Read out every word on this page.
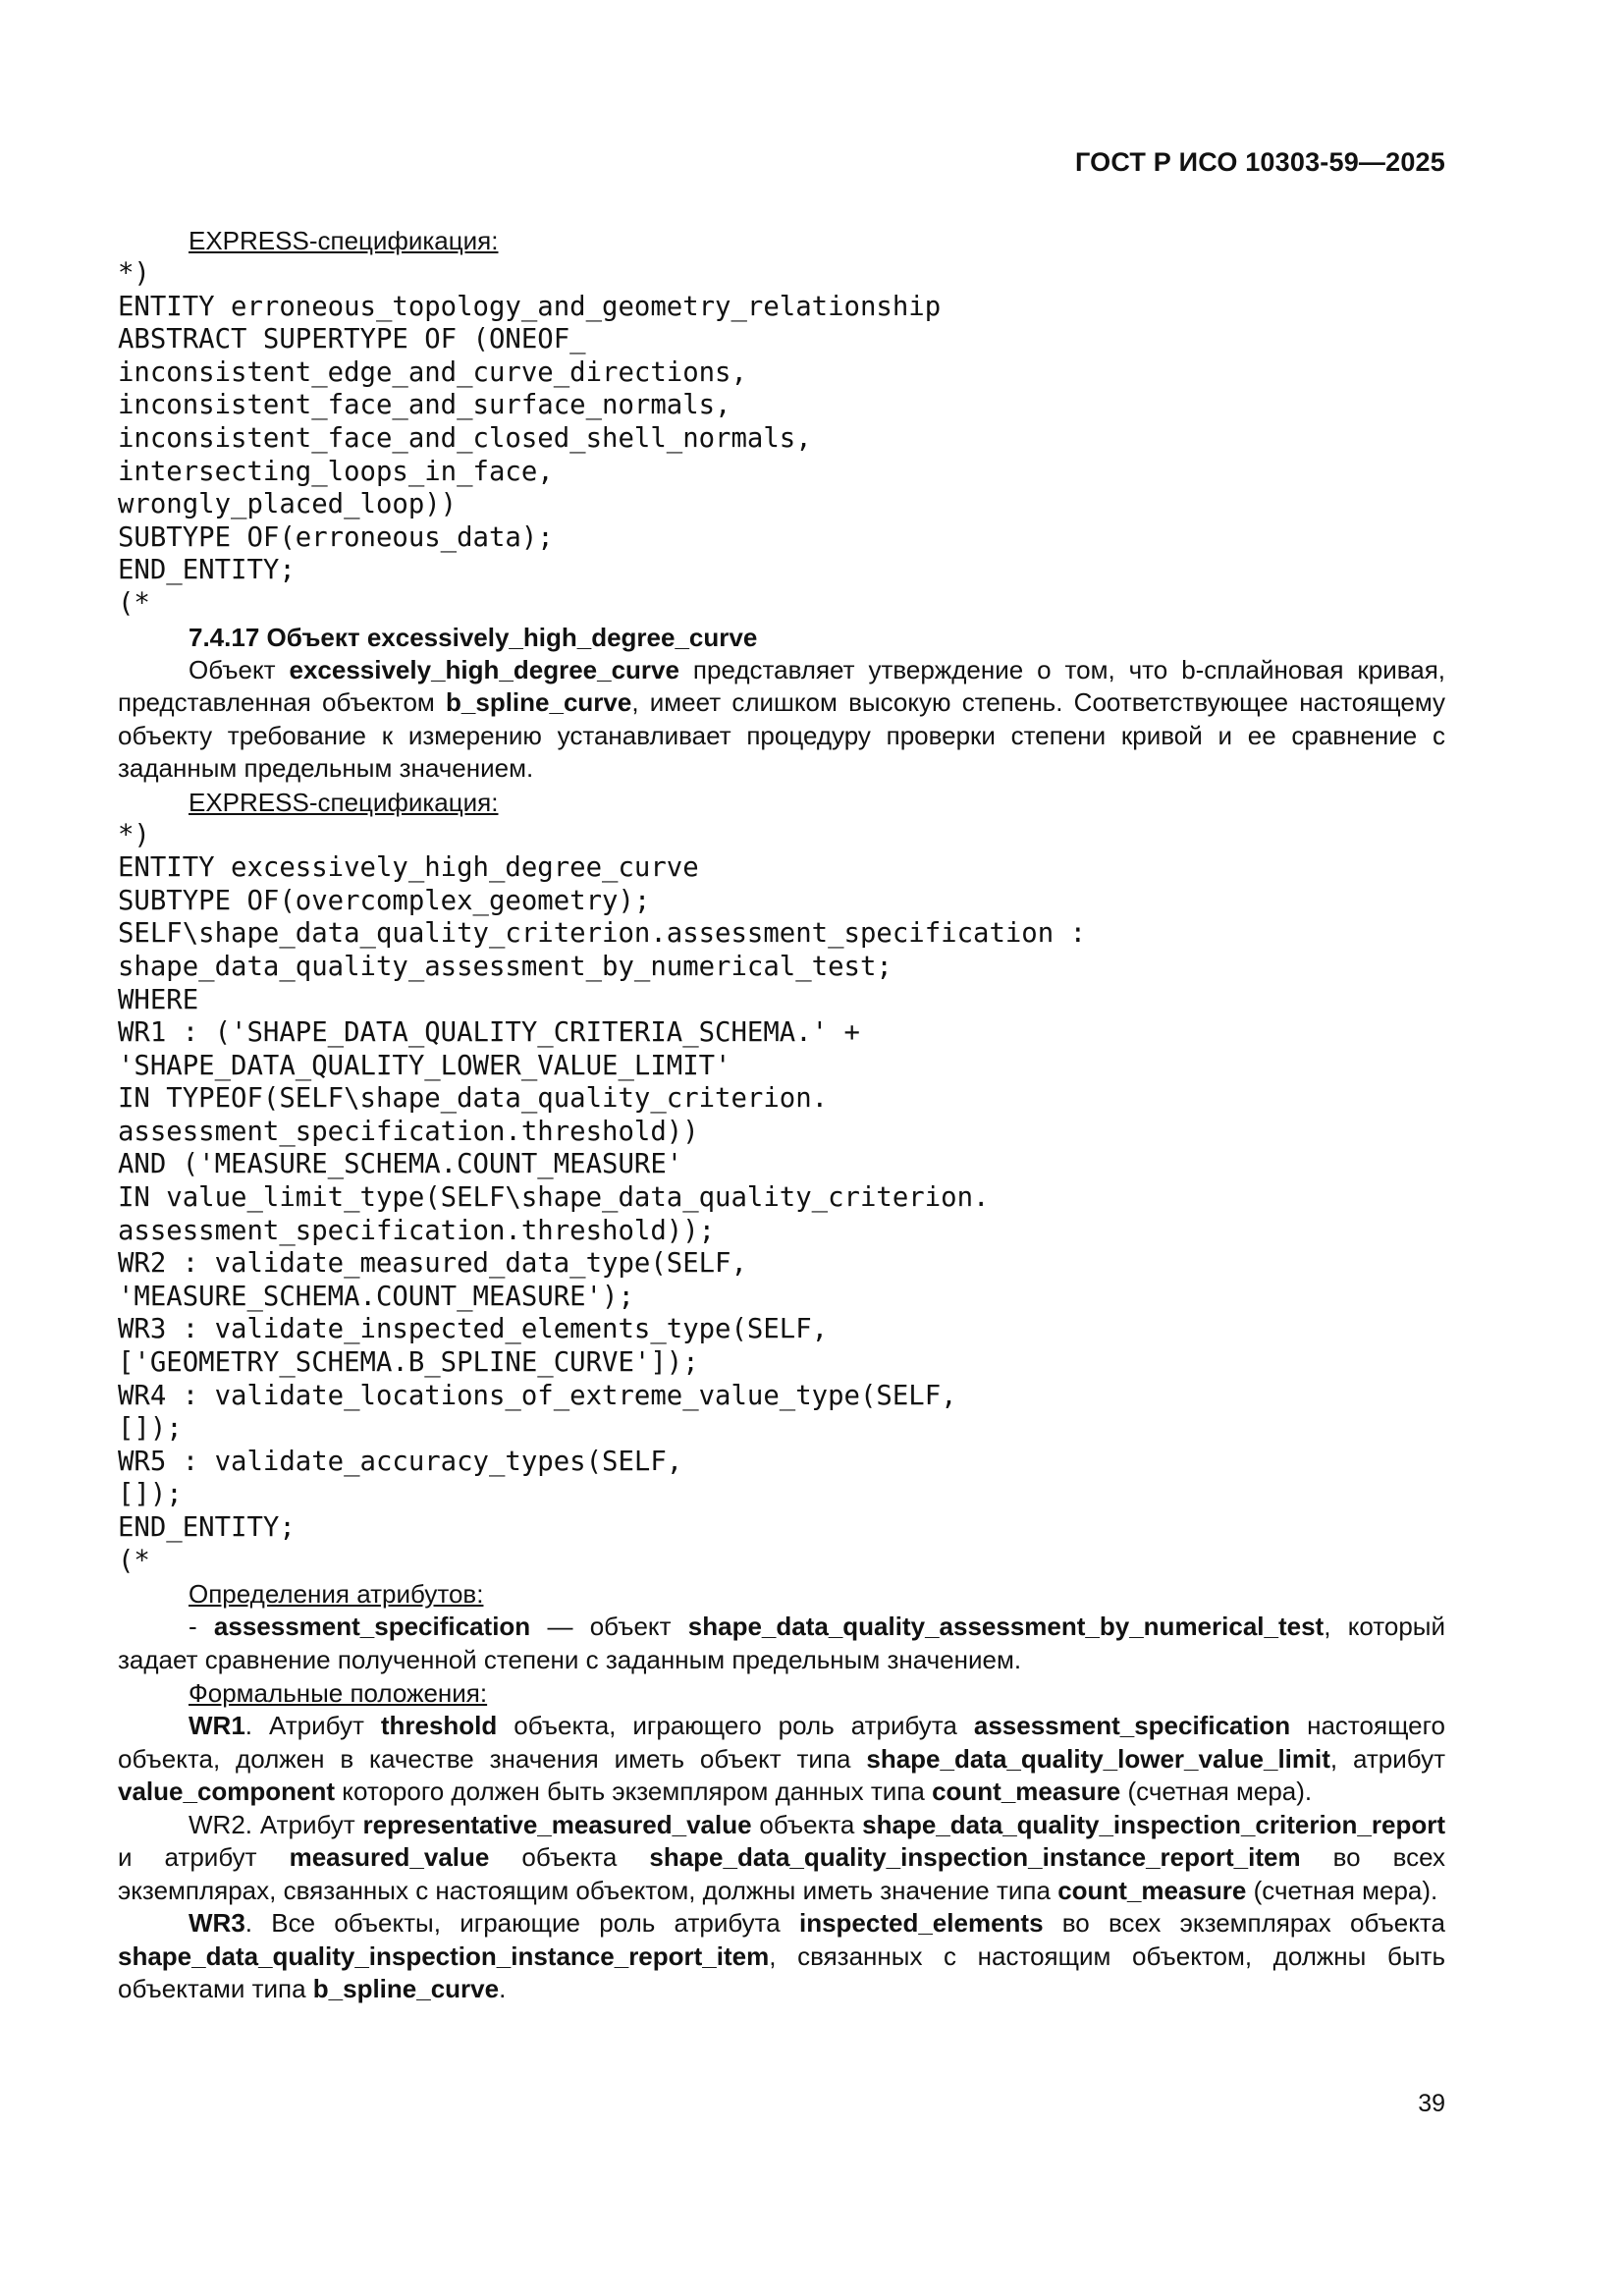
ГОСТ Р ИСО 10303-59—2025
EXPRESS-спецификация:
*)
ENTITY erroneous_topology_and_geometry_relationship
ABSTRACT SUPERTYPE OF (ONEOF_
inconsistent_edge_and_curve_directions,
inconsistent_face_and_surface_normals,
inconsistent_face_and_closed_shell_normals,
intersecting_loops_in_face,
wrongly_placed_loop))
SUBTYPE OF(erroneous_data);
END_ENTITY;
(*
7.4.17 Объект excessively_high_degree_curve
Объект excessively_high_degree_curve представляет утверждение о том, что b-сплайновая кривая, представленная объектом b_spline_curve, имеет слишком высокую степень. Соответствующее настоящему объекту требование к измерению устанавливает процедуру проверки степени кривой и ее сравнение с заданным предельным значением.
EXPRESS-спецификация:
*)
ENTITY excessively_high_degree_curve
SUBTYPE OF(overcomplex_geometry);
SELF\shape_data_quality_criterion.assessment_specification :
shape_data_quality_assessment_by_numerical_test;
WHERE
WR1 : ('SHAPE_DATA_QUALITY_CRITERIA_SCHEMA.' +
'SHAPE_DATA_QUALITY_LOWER_VALUE_LIMIT'
IN TYPEOF(SELF\shape_data_quality_criterion.
assessment_specification.threshold))
AND ('MEASURE_SCHEMA.COUNT_MEASURE'
IN value_limit_type(SELF\shape_data_quality_criterion.
assessment_specification.threshold));
WR2 : validate_measured_data_type(SELF,
'MEASURE_SCHEMA.COUNT_MEASURE');
WR3 : validate_inspected_elements_type(SELF,
['GEOMETRY_SCHEMA.B_SPLINE_CURVE']);
WR4 : validate_locations_of_extreme_value_type(SELF,
[]);
WR5 : validate_accuracy_types(SELF,
[]);
END_ENTITY;
(*
Определения атрибутов:
- assessment_specification — объект shape_data_quality_assessment_by_numerical_test, который задает сравнение полученной степени с заданным предельным значением.
Формальные положения:
WR1. Атрибут threshold объекта, играющего роль атрибута assessment_specification настоящего объекта, должен в качестве значения иметь объект типа shape_data_quality_lower_value_limit, атрибут value_component которого должен быть экземпляром данных типа count_measure (счетная мера).
WR2. Атрибут representative_measured_value объекта shape_data_quality_inspection_criterion_report и атрибут measured_value объекта shape_data_quality_inspection_instance_report_item во всех экземплярах, связанных с настоящим объектом, должны иметь значение типа count_measure (счетная мера).
WR3. Все объекты, играющие роль атрибута inspected_elements во всех экземплярах объекта shape_data_quality_inspection_instance_report_item, связанных с настоящим объектом, должны быть объектами типа b_spline_curve.
39
